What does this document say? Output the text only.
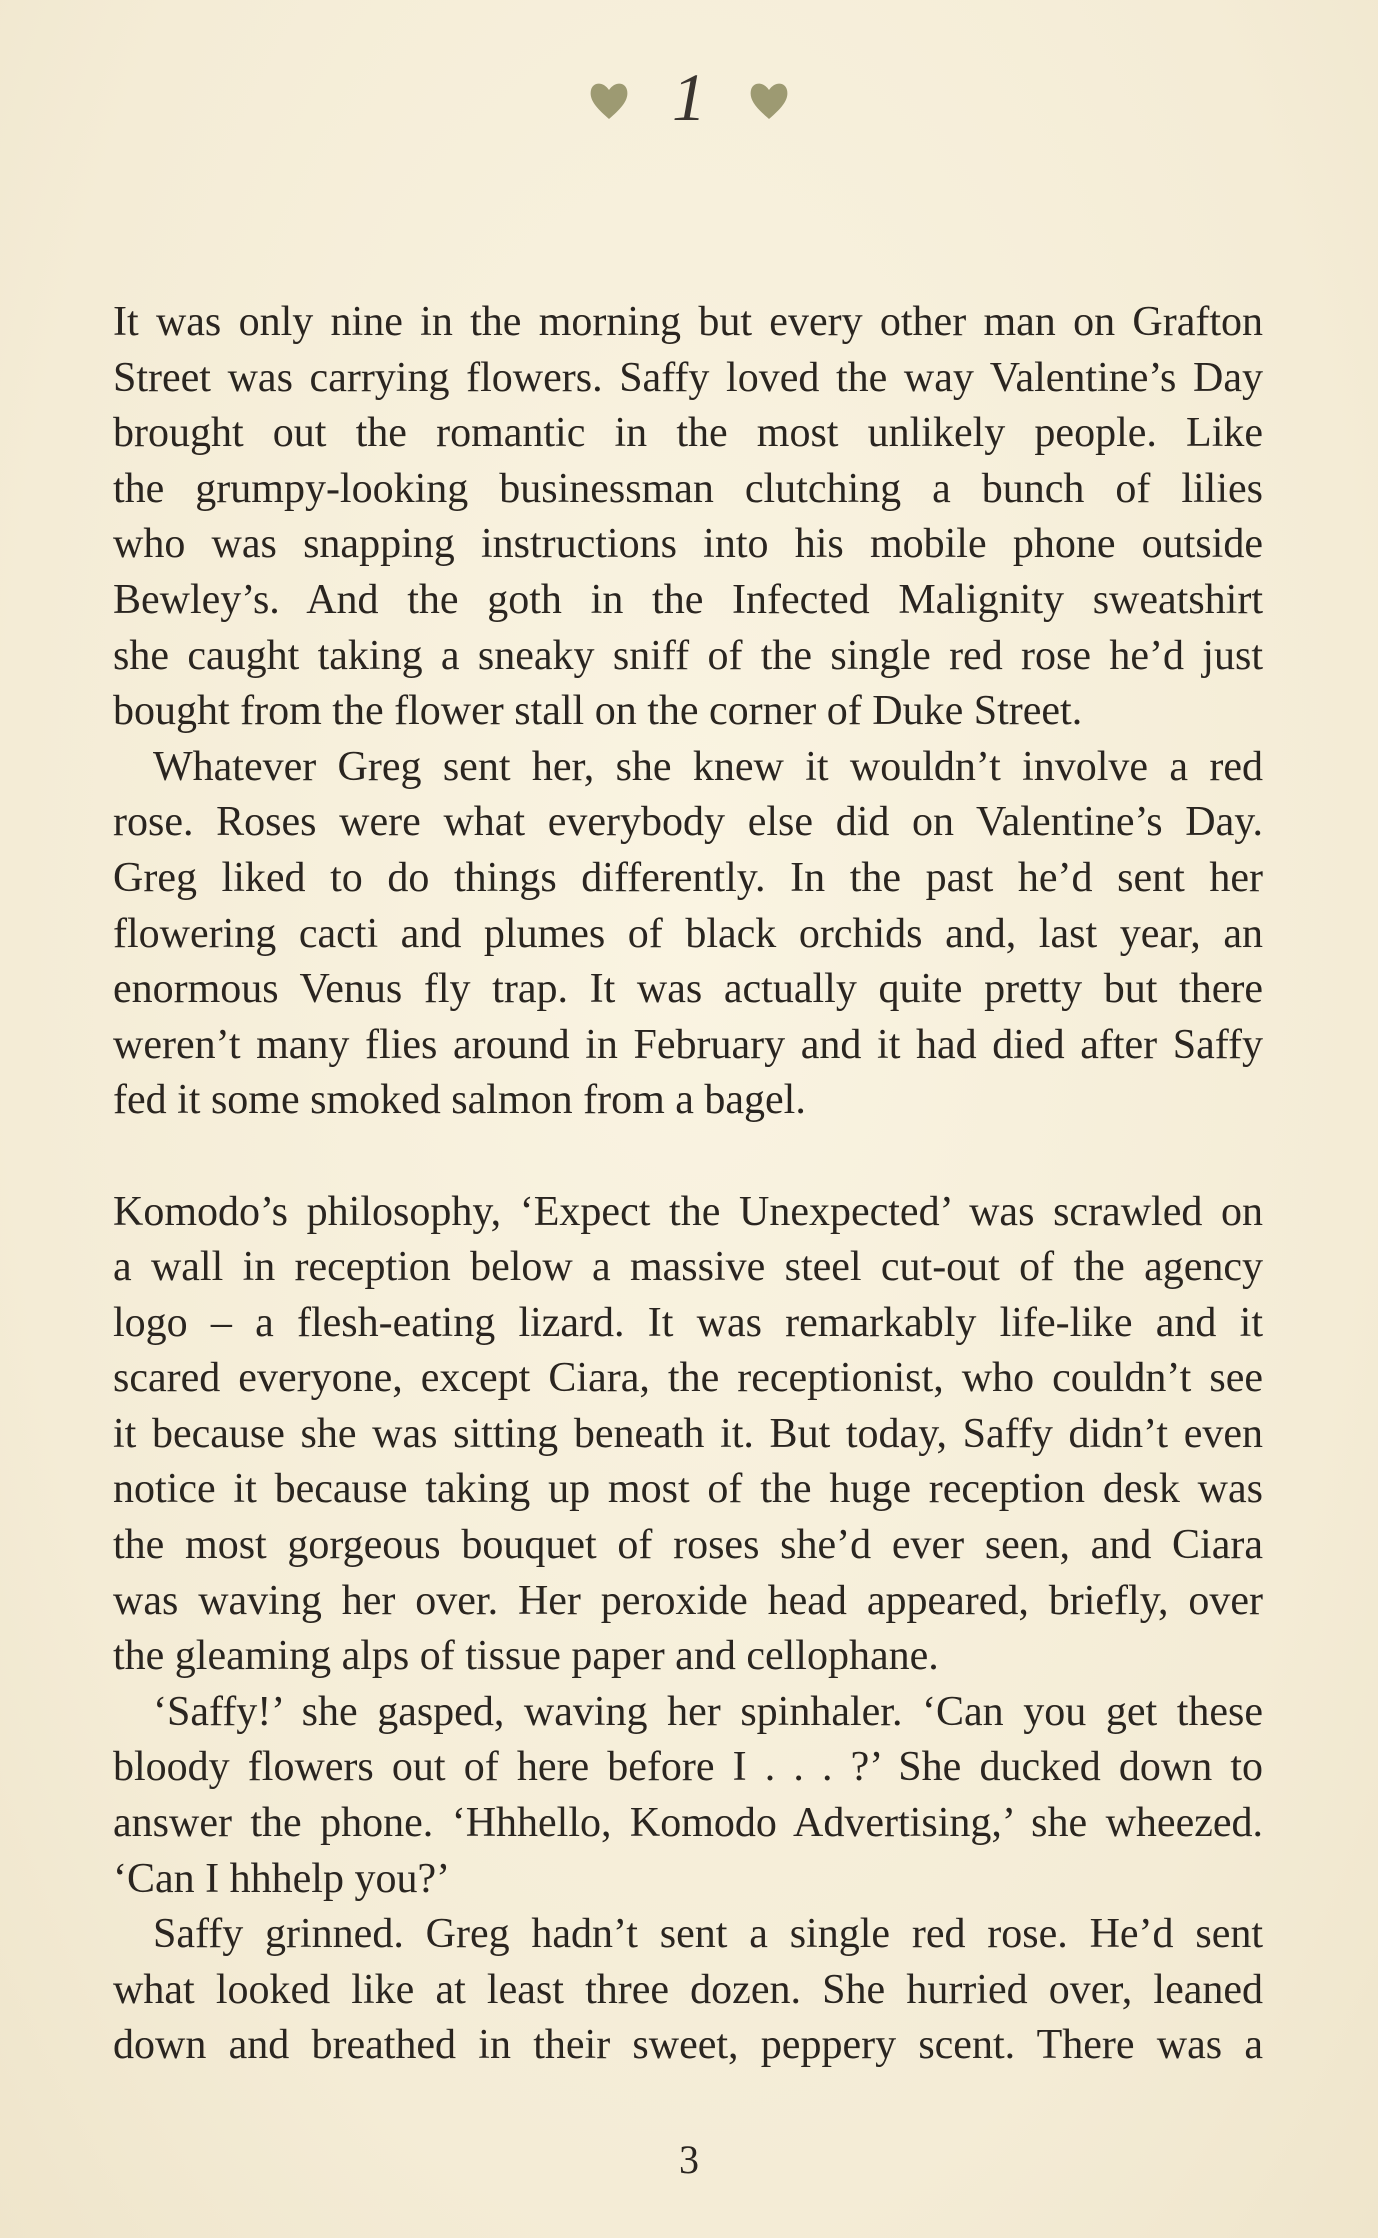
1

It was only nine in the morning but every other man on Grafton
Street was carrying flowers. Saffy loved the way Valentine’s Day
brought out the romantic in the most unlikely people. Like
the grumpy-looking businessman clutching a bunch of lilies
who was snapping instructions into his mobile phone outside
Bewley’s. And the goth in the Infected Malignity sweatshirt
she caught taking a sneaky sniff of the single red rose he’d just
bought from the flower stall on the corner of Duke Street.

Whatever Greg sent her, she knew it wouldn’t involve a red
rose. Roses were what everybody else did on Valentine’s Day.
Greg liked to do things differently. In the past he’d sent her
flowering cacti and plumes of black orchids and, last year, an
enormous Venus fly trap. It was actually quite pretty but there
weren’t many flies around in February and it had died after Saffy
fed it some smoked salmon from a bagel.

Komodo’s philosophy, ‘Expect the Unexpected’ was scrawled on
a wall in reception below a massive steel cut-out of the agency
logo – a flesh-eating lizard. It was remarkably life-like and it
scared everyone, except Ciara, the receptionist, who couldn’t see
it because she was sitting beneath it. But today, Saffy didn’t even
notice it because taking up most of the huge reception desk was
the most gorgeous bouquet of roses she’d ever seen, and Ciara
was waving her over. Her peroxide head appeared, briefly, over
the gleaming alps of tissue paper and cellophane.

‘Saffy!’ she gasped, waving her spinhaler. ‘Can you get these
bloody flowers out of here before I . . . ?’ She ducked down to
answer the phone. ‘Hhhello, Komodo Advertising,’ she wheezed.
‘Can I hhhelp you?’

Saffy grinned. Greg hadn’t sent a single red rose. He’d sent
what looked like at least three dozen. She hurried over, leaned
down and breathed in their sweet, peppery scent. There was a

3
